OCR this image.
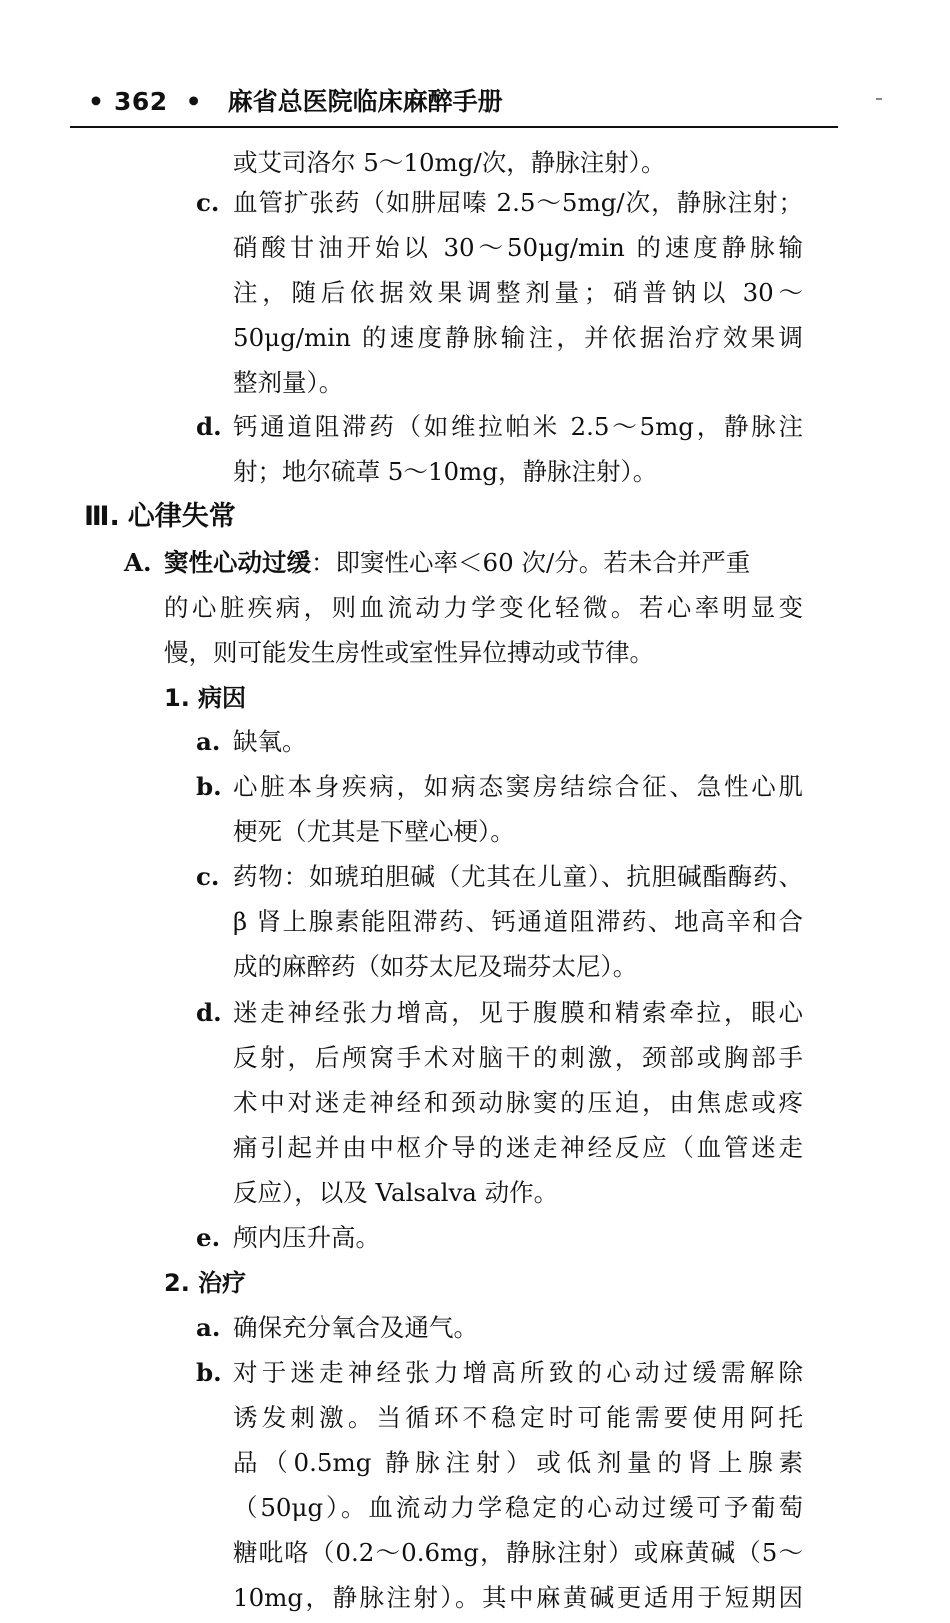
• 362 • 麻省总医院临床麻醉手册
或艾司洛尔 5～10mg/次，静脉注射）。
c. 血管扩张药（如肼屈嗪 2.5～5mg/次，静脉注射；
硝酸甘油开始以 30～50μg/min 的速度静脉输
注，随后依据效果调整剂量；硝普钠以 30～
50μg/min 的速度静脉输注，并依据治疗效果调
整剂量）。
d. 钙通道阻滞药（如维拉帕米 2.5～5mg，静脉注
射；地尔硫䓬 5～10mg，静脉注射）。
Ⅲ. 心律失常
A. 窦性心动过缓：即窦性心率＜60 次/分。若未合并严重
的心脏疾病，则血流动力学变化轻微。若心率明显变
慢，则可能发生房性或室性异位搏动或节律。
1. 病因
a. 缺氧。
b. 心脏本身疾病，如病态窦房结综合征、急性心肌
梗死（尤其是下壁心梗）。
c. 药物：如琥珀胆碱（尤其在儿童）、抗胆碱酯酶药、
β 肾上腺素能阻滞药、钙通道阻滞药、地高辛和合
成的麻醉药（如芬太尼及瑞芬太尼）。
d. 迷走神经张力增高，见于腹膜和精索牵拉，眼心
反射，后颅窝手术对脑干的刺激，颈部或胸部手
术中对迷走神经和颈动脉窦的压迫，由焦虑或疼
痛引起并由中枢介导的迷走神经反应（血管迷走
反应），以及 Valsalva 动作。
e. 颅内压升高。
2. 治疗
a. 确保充分氧合及通气。
b. 对于迷走神经张力增高所致的心动过缓需解除
诱发刺激。当循环不稳定时可能需要使用阿托
品（0.5mg 静脉注射）或低剂量的肾上腺素
（50μg）。血流动力学稳定的心动过缓可予葡萄
糖吡咯（0.2～0.6mg，静脉注射）或麻黄碱（5～
10mg，静脉注射）。其中麻黄碱更适用于短期因
